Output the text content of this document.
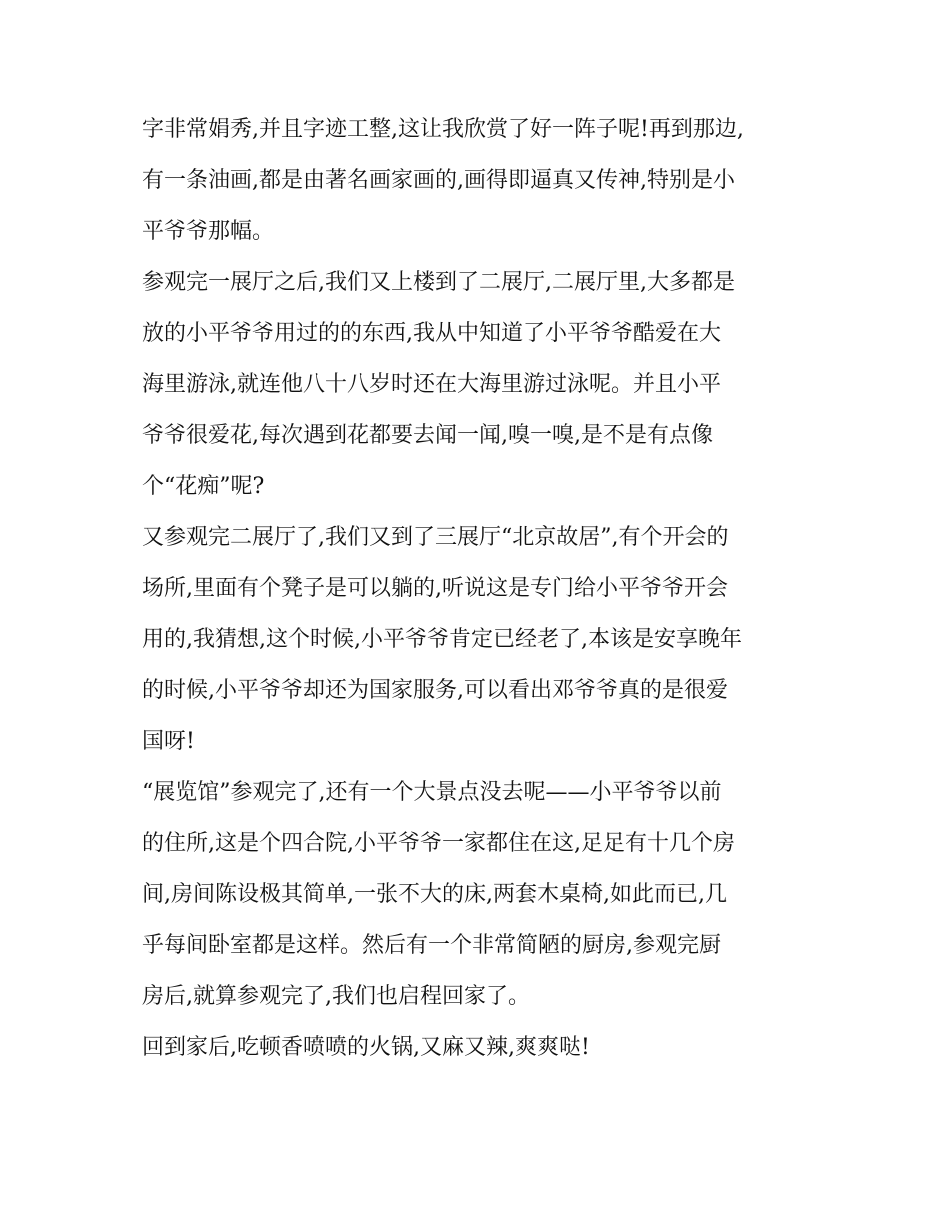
字非常娟秀,并且字迹工整,这让我欣赏了好一阵子呢!再到那边,
有一条油画,都是由著名画家画的,画得即逼真又传神,特别是小
平爷爷那幅。
参观完一展厅之后,我们又上楼到了二展厅,二展厅里,大多都是
放的小平爷爷用过的的东西,我从中知道了小平爷爷酷爱在大
海里游泳,就连他八十八岁时还在大海里游过泳呢。并且小平
爷爷很爱花,每次遇到花都要去闻一闻,嗅一嗅,是不是有点像
个“花痴”呢?
又参观完二展厅了,我们又到了三展厅“北京故居”,有个开会的
场所,里面有个凳子是可以躺的,听说这是专门给小平爷爷开会
用的,我猜想,这个时候,小平爷爷肯定已经老了,本该是安享晚年
的时候,小平爷爷却还为国家服务,可以看出邓爷爷真的是很爱
国呀!
“展览馆”参观完了,还有一个大景点没去呢——小平爷爷以前
的住所,这是个四合院,小平爷爷一家都住在这,足足有十几个房
间,房间陈设极其简单,一张不大的床,两套木桌椅,如此而已,几
乎每间卧室都是这样。然后有一个非常简陋的厨房,参观完厨
房后,就算参观完了,我们也启程回家了。
回到家后,吃顿香喷喷的火锅,又麻又辣,爽爽哒!
